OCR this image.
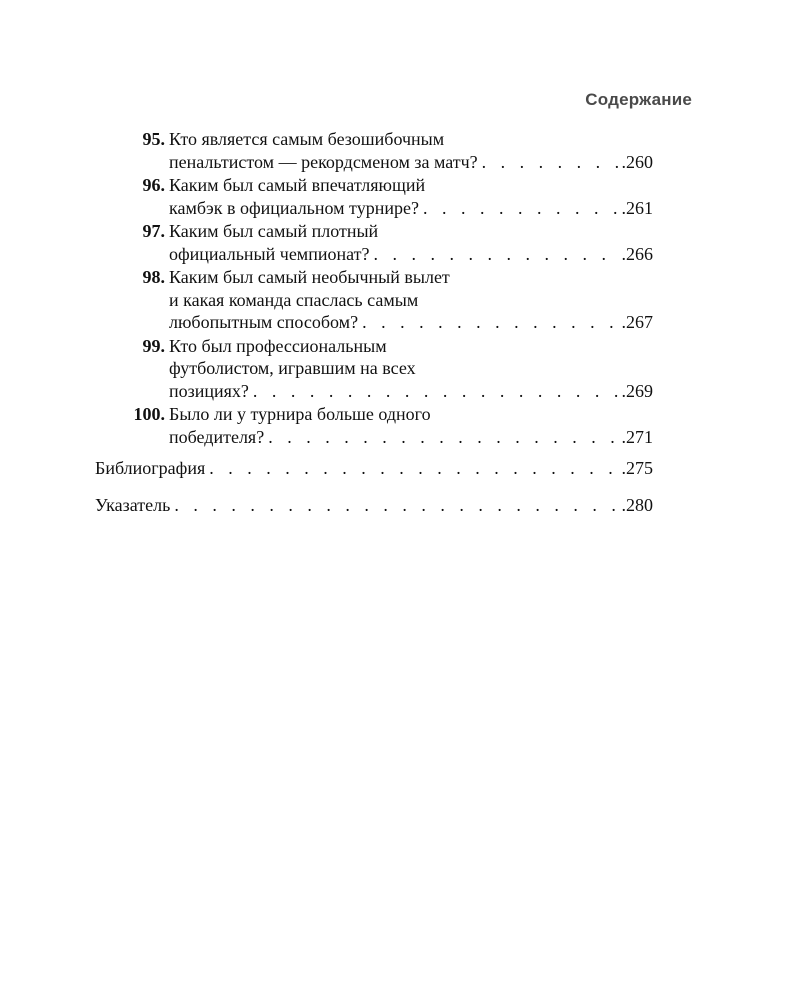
Содержание
95. Кто является самым безошибочным
пенальтистом — рекордсменом за матч? . . .	.260
96. Каким был самый впечатляющий
камбэк в официальном турнире? . . .	.261
97. Каким был самый плотный
официальный чемпионат? . . .	.266
98. Каким был самый необычный вылет
и какая команда спаслась самым
любопытным способом? . . .	.267
99. Кто был профессиональным
футболистом, игравшим на всех
позициях? . . .	.269
100. Было ли у турнира больше одного
победителя? . . .	.271
Библиография . . .	.275
Указатель . . .	.280
